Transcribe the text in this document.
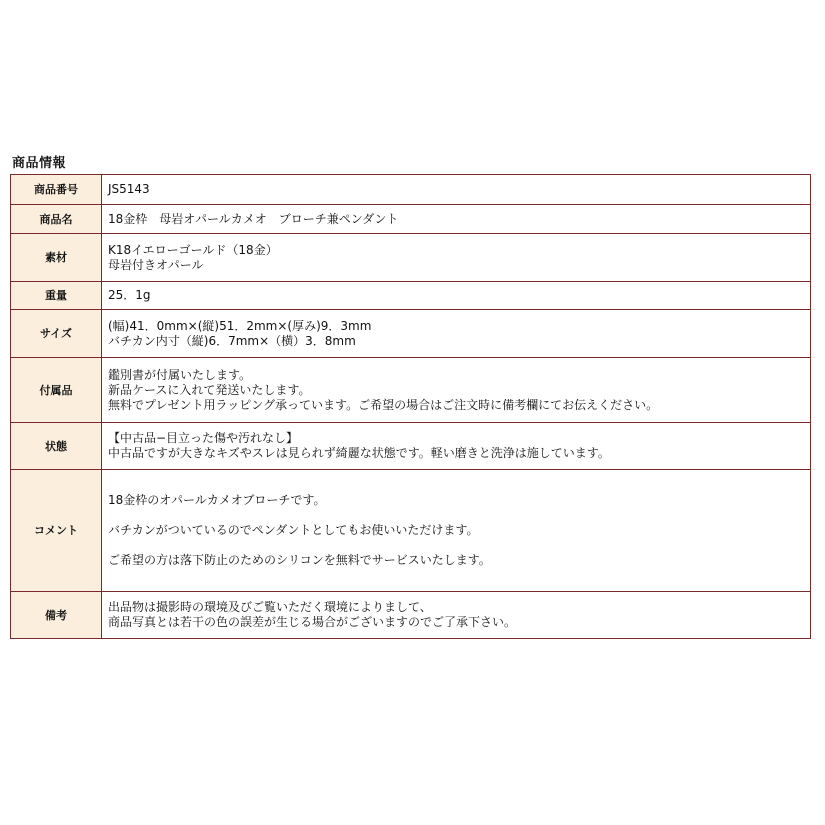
商品情報
商品番号	JS5143

商品名	18金枠　母岩オパールカメオ　ブローチ兼ペンダント

素材	K18イエローゴールド（18金）
母岩付きオパール

重量	25．1g

サイズ	(幅)41．0mm×(縦)51．2mm×(厚み)9．3mm
バチカン内寸（縦)6．7mm×（横）3．8mm

付属品	鑑別書が付属いたします。
新品ケースに入れて発送いたします。
無料でプレゼント用ラッピング承っています。ご希望の場合はご注文時に備考欄にてお伝えください。

状態	【中古品−目立った傷や汚れなし】
中古品ですが大きなキズやスレは見られず綺麗な状態です。軽い磨きと洗浄は施しています。

コメント	18金枠のオパールカメオブローチです。
バチカンがついているのでペンダントとしてもお使いいただけます。
ご希望の方は落下防止のためのシリコンを無料でサービスいたします。

備考	出品物は撮影時の環境及びご覧いただく環境によりまして、
商品写真とは若干の色の誤差が生じる場合がございますのでご了承下さい。
